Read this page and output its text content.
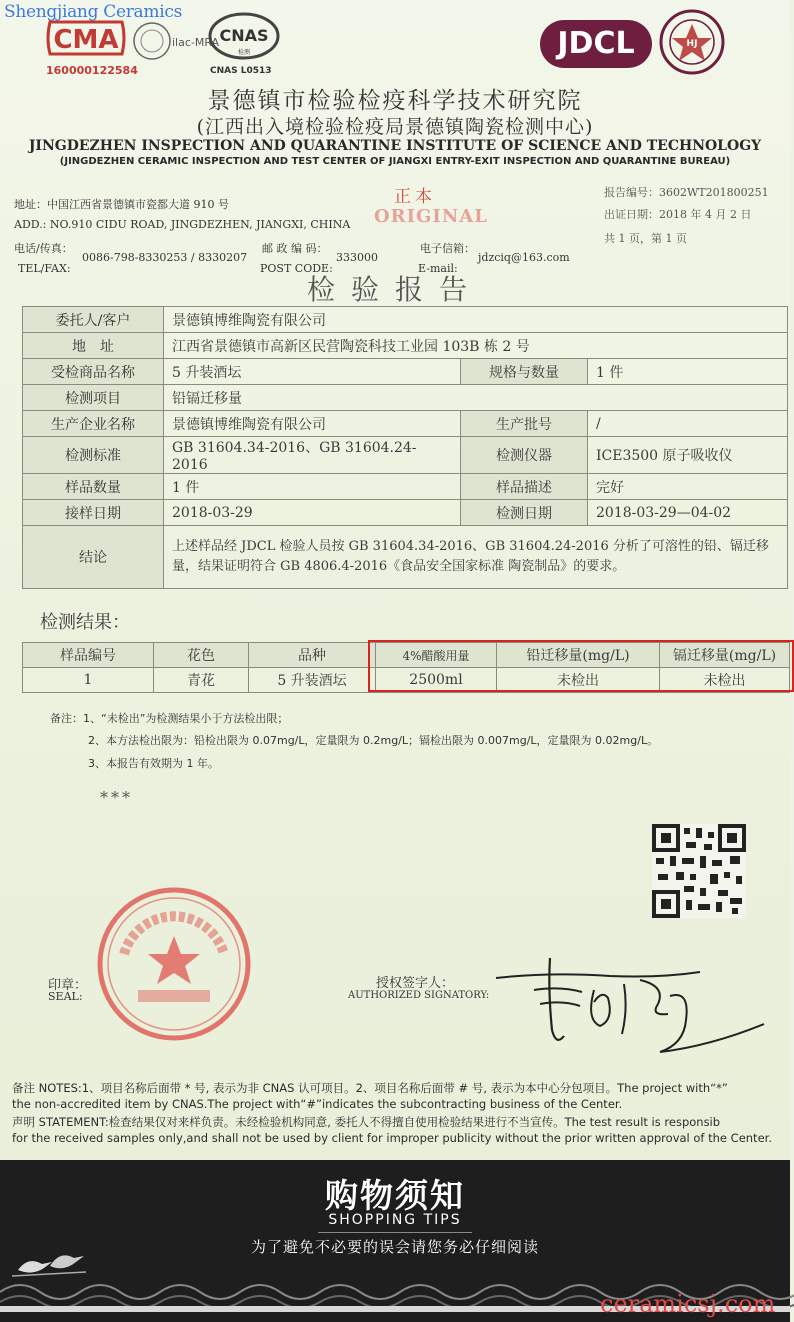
Shengjiang Ceramics
CMA
160000122584
ilac-MRA CNAS
检测
CNAS L0513
JDCL	HJ
景德镇市检验检疫科学技术研究院
(江西出入境检验检疫局景德镇陶瓷检测中心)
JINGDEZHEN INSPECTION AND QUARANTINE INSTITUTE OF SCIENCE AND TECHNOLOGY
(JINGDEZHEN CERAMIC INSPECTION AND TEST CENTER OF JIANGXI ENTRY-EXIT INSPECTION AND QUARANTINE BUREAU)
地址：中国江西省景德镇市瓷都大道 910 号
ADD.: NO.910 CIDU ROAD, JINGDEZHEN, JIANGXI, CHINA
电话/传真：
TEL/FAX:
0086-798-8330253 / 8330207
邮 政 编 码：
POST CODE:
333000
电子信箱：
E-mail:
jdzciq@163.com
正本
ORIGINAL
报告编号：3602WT201800251
出证日期：2018 年 4 月 2 日
共 1 页，第 1 页
检验报告
委托人/客户	景德镇博维陶瓷有限公司		
地　址	江西省景德镇市高新区民营陶瓷科技工业园 103B 栋 2 号		
受检商品名称	5 升装酒坛	规格与数量	1 件
检测项目	铅镉迁移量		
生产企业名称	景德镇博维陶瓷有限公司	生产批号	/
检测标准	GB 31604.34-2016、GB 31604.24-2016	检测仪器	ICE3500 原子吸收仪
样品数量	1 件	样品描述	完好
接样日期	2018-03-29	检测日期	2018-03-29—04-02
结论	上述样品经 JDCL 检验人员按 GB 31604.34-2016、GB 31604.24-2016 分析了可溶性的铅、镉迁移量，结果证明符合 GB 4806.4-2016《食品安全国家标准 陶瓷制品》的要求。		
检测结果：
样品编号	花色	品种	4%醋酸用量	铅迁移量(mg/L)	镉迁移量(mg/L)
1	青花	5 升装酒坛	2500ml	未检出	未检出
备注：1、“未检出”为检测结果小于方法检出限；
2、本方法检出限为：铅检出限为 0.07mg/L，定量限为 0.2mg/L；镉检出限为 0.007mg/L，定量限为 0.02mg/L。
3、本报告有效期为 1 年。
***
印章：
SEAL:
授权签字人：
AUTHORIZED SIGNATORY:
备注 NOTES:1、项目名称后面带 * 号, 表示为非 CNAS 认可项目。2、项目名称后面带 # 号, 表示为本中心分包项目。The project with“*”
the non-accredited item by CNAS.The project with“#”indicates the subcontracting business of the Center.
声明 STATEMENT:检查结果仅对来样负责。未经检验机构同意, 委托人不得擅自使用检验结果进行不当宣传。The test result is responsib
for the received samples only,and shall not be used by client for improper publicity without the prior written approval of the Center.
购物须知
SHOPPING TIPS
为了避免不必要的误会请您务必仔细阅读
ceramicsj.com
